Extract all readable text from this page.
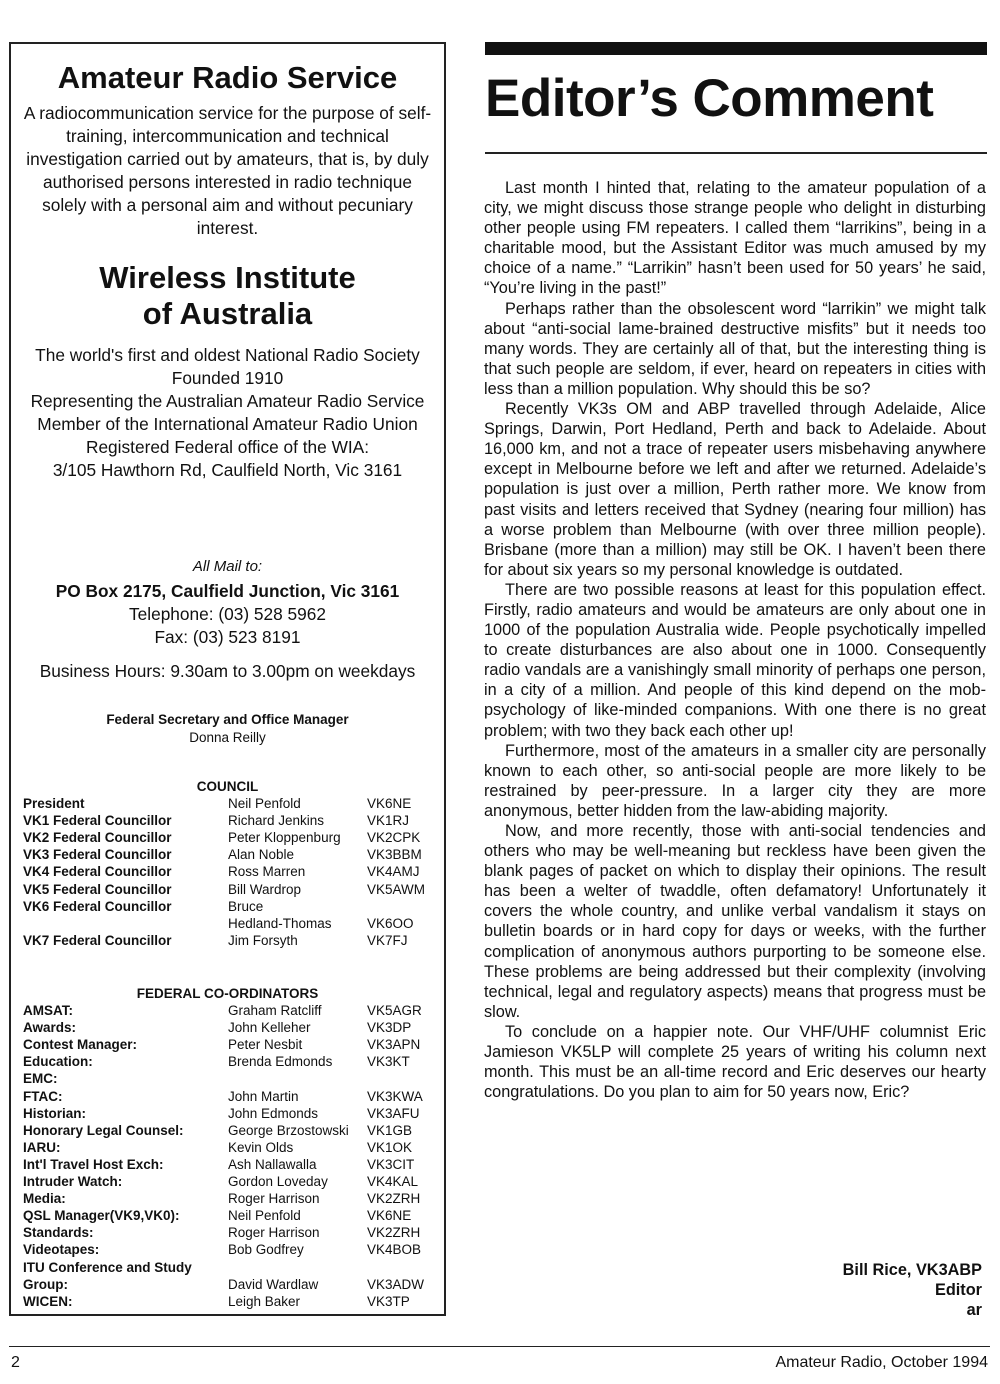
Amateur Radio Service
A radiocommunication service for the purpose of self-training, intercommunication and technical investigation carried out by amateurs, that is, by duly authorised persons interested in radio technique solely with a personal aim and without pecuniary interest.
Wireless Institute
of Australia
The world's first and oldest National Radio Society Founded 1910
Representing the Australian Amateur Radio Service
Member of the International Amateur Radio Union
Registered Federal office of the WIA:
3/105 Hawthorn Rd, Caulfield North, Vic 3161
All Mail to:
PO Box 2175, Caulfield Junction, Vic 3161
Telephone: (03) 528 5962
Fax: (03) 523 8191
Business Hours: 9.30am to 3.00pm on weekdays
Federal Secretary and Office Manager
Donna Reilly
COUNCIL
President	Neil Penfold	VK6NE
VK1 Federal Councillor	Richard Jenkins	VK1RJ
VK2 Federal Councillor	Peter Kloppenburg VK2CPK
VK3 Federal Councillor	Alan Noble	VK3BBM
VK4 Federal Councillor	Ross Marren	VK4AMJ
VK5 Federal Councillor	Bill Wardrop	VK5AWM
VK6 Federal Councillor	Bruce
Hedland-Thomas	VK6OO
VK7 Federal Councillor	Jim Forsyth	VK7FJ
FEDERAL CO-ORDINATORS
AMSAT:	Graham Ratcliff	VK5AGR
Awards:	John Kelleher	VK3DP
Contest Manager:	Peter Nesbit	VK3APN
Education:	Brenda Edmonds	VK3KT
EMC:
FTAC:	John Martin	VK3KWA
Historian:	John Edmonds	VK3AFU
Honorary Legal Counsel:	George Brzostowski VK1GB
IARU:	Kevin Olds	VK1OK
Int'l Travel Host Exch:	Ash Nallawalla	VK3CIT
Intruder Watch:	Gordon Loveday	VK4KAL
Media:	Roger Harrison	VK2ZRH
QSL Manager(VK9,VK0):	Neil Penfold	VK6NE
Standards:	Roger Harrison	VK2ZRH
Videotapes:	Bob Godfrey	VK4BOB
ITU Conference and Study
Group:	David Wardlaw	VK3ADW
WICEN:	Leigh Baker	VK3TP
Editor’s Comment

Last month I hinted that, relating to the amateur population of a city, we might discuss those strange people who delight in disturbing other people using FM repeaters. I called them “larrikins”, being in a charitable mood, but the Assistant Editor was much amused by my choice of a name.” “Larrikin” hasn’t been used for 50 years’ he said, “You’re living in the past!”

Perhaps rather than the obsolescent word “larrikin” we might talk about “anti-social lame-brained destructive misfits” but it needs too many words. They are certainly all of that, but the interesting thing is that such people are seldom, if ever, heard on repeaters in cities with less than a million population. Why should this be so?

Recently VK3s OM and ABP travelled through Adelaide, Alice Springs, Darwin, Port Hedland, Perth and back to Adelaide. About 16,000 km, and not a trace of repeater users misbehaving anywhere except in Melbourne before we left and after we returned. Adelaide’s population is just over a million, Perth rather more. We know from past visits and letters received that Sydney (nearing four million) has a worse problem than Melbourne (with over three million people). Brisbane (more than a million) may still be OK. I haven’t been there for about six years so my personal knowledge is outdated.

There are two possible reasons at least for this population effect. Firstly, radio amateurs and would be amateurs are only about one in 1000 of the population Australia wide. People psychotically impelled to create disturbances are also about one in 1000. Consequently radio vandals are a vanishingly small minority of perhaps one person, in a city of a million. And people of this kind depend on the mob-psychology of like-minded companions. With one there is no great problem; with two they back each other up!

Furthermore, most of the amateurs in a smaller city are personally known to each other, so anti-social people are more likely to be restrained by peer-pressure. In a larger city they are more anonymous, better hidden from the law-abiding majority.

Now, and more recently, those with anti-social tendencies and others who may be well-meaning but reckless have been given the blank pages of packet on which to display their opinions. The result has been a welter of twaddle, often defamatory! Unfortunately it covers the whole country, and unlike verbal vandalism it stays on bulletin boards or in hard copy for days or weeks, with the further complication of anonymous authors purporting to be someone else. These problems are being addressed but their complexity (involving technical, legal and regulatory aspects) means that progress must be slow.

To conclude on a happier note. Our VHF/UHF columnist Eric Jamieson VK5LP will complete 25 years of writing his column next month. This must be an all-time record and Eric deserves our hearty congratulations. Do you plan to aim for 50 years now, Eric?

Bill Rice, VK3ABP
Editor
ar
2	Amateur Radio, October 1994
